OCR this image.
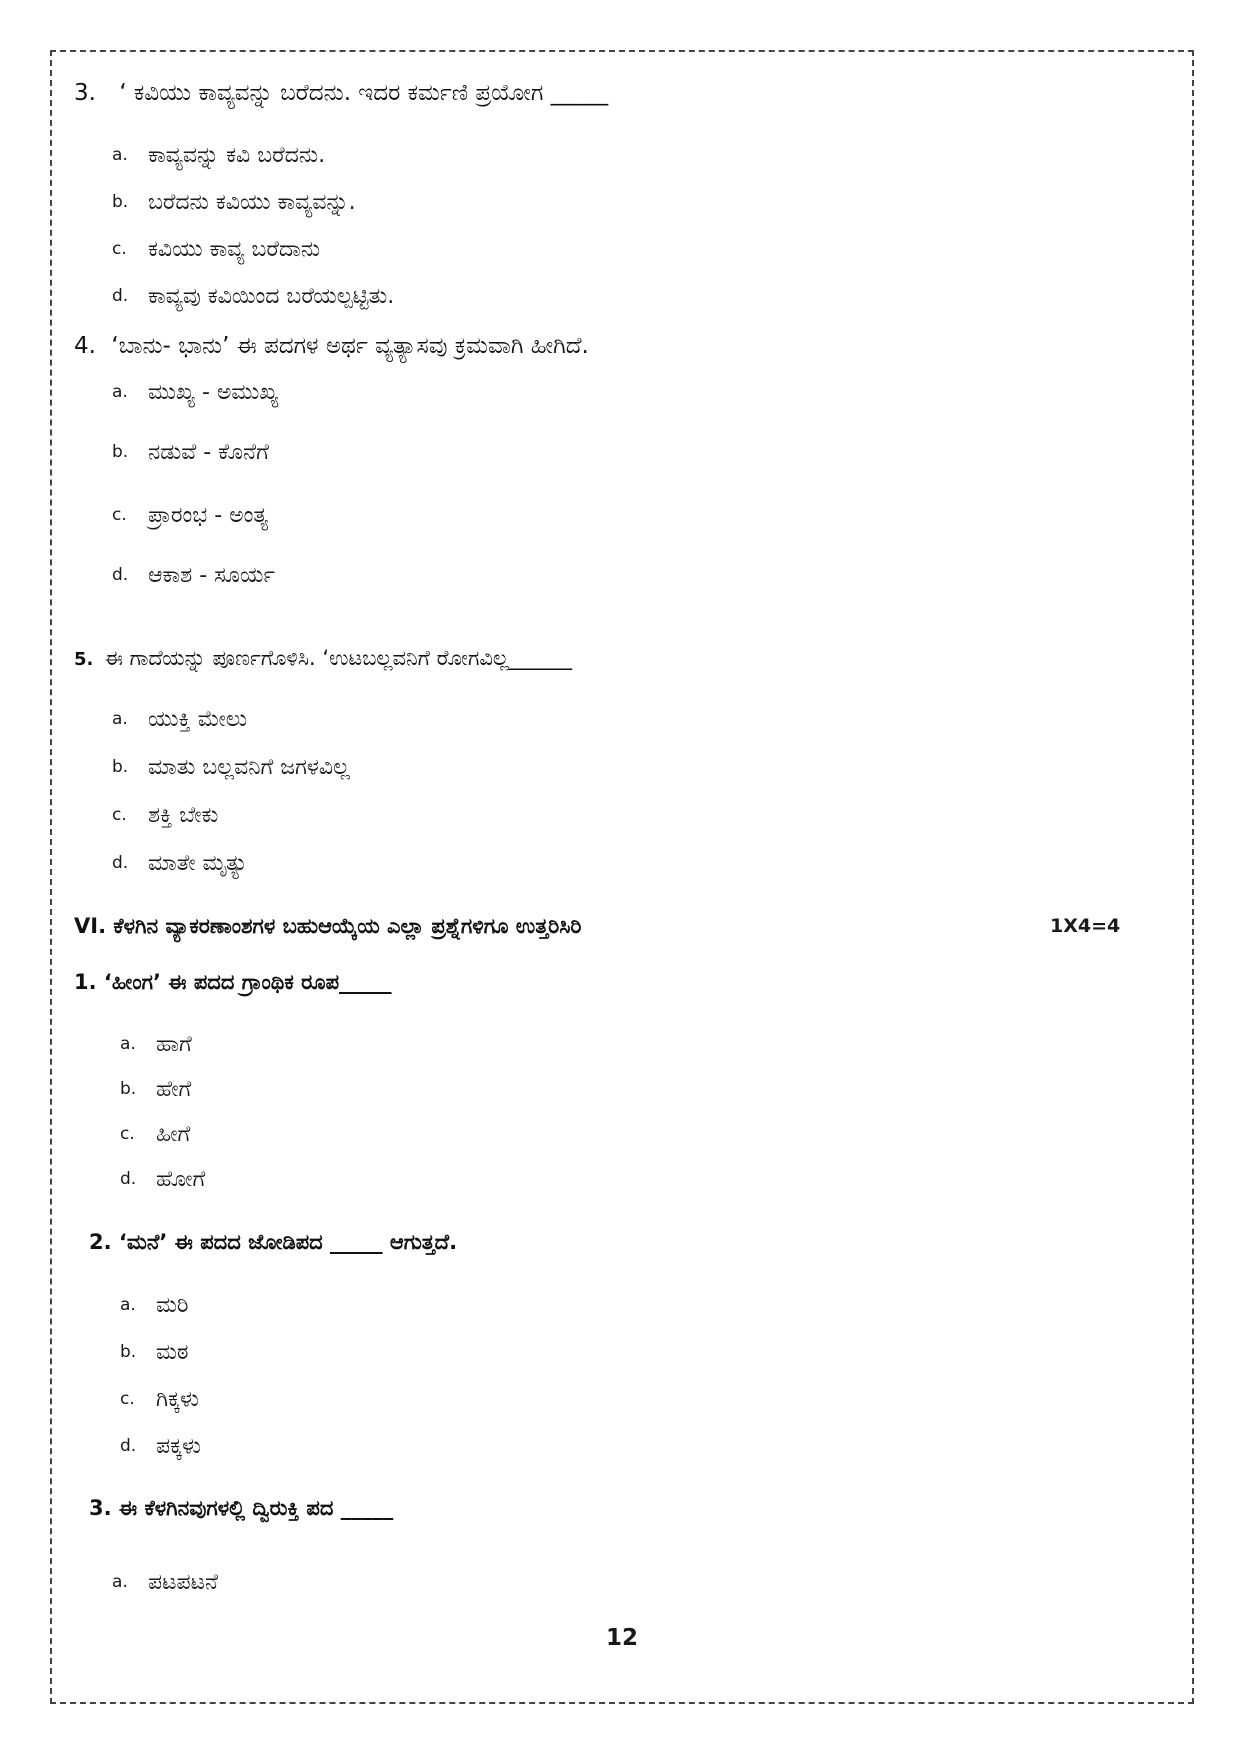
3. ‘ ಕವಿಯು ಕಾವ್ಯವನ್ನು ಬರೆದನು. ಇದರ ಕರ್ಮಣಿ ಪ್ರಯೋಗ _____
a. ಕಾವ್ಯವನ್ನು ಕವಿ ಬರೆದನು.
b. ಬರೆದನು ಕವಿಯು ಕಾವ್ಯವನ್ನು.
c. ಕವಿಯು ಕಾವ್ಯ ಬರೆದಾನು
d. ಕಾವ್ಯವು ಕವಿಯಿಂದ ಬರೆಯಲ್ಪಟ್ಟಿತು.
4. ‘ಬಾನು- ಭಾನು’ ಈ ಪದಗಳ ಅರ್ಥ ವ್ಯತ್ಯಾಸವು ಕ್ರಮವಾಗಿ ಹೀಗಿದೆ.
a. ಮುಖ್ಯ - ಅಮುಖ್ಯ
b. ನಡುವೆ - ಕೊನೆಗೆ
c. ಪ್ರಾರಂಭ - ಅಂತ್ಯ
d. ಆಕಾಶ - ಸೂರ್ಯ
5. ಈ ಗಾದೆಯನ್ನು ಪೂರ್ಣಗೊಳಿಸಿ. ‘ಉಟಬಲ್ಲವನಿಗೆ ರೋಗವಿಲ್ಲ______
a. ಯುಕ್ತಿ ಮೇಲು
b. ಮಾತು ಬಲ್ಲವನಿಗೆ ಜಗಳವಿಲ್ಲ
c. ಶಕ್ತಿ ಬೇಕು
d. ಮಾತೇ ಮೃತ್ಯು
VI. ಕೆಳಗಿನ ವ್ಯಾಕರಣಾಂಶಗಳ ಬಹುಆಯ್ಕೆಯ ಎಲ್ಲಾ ಪ್ರಶ್ನೆಗಳಿಗೂ ಉತ್ತರಿಸಿರಿ	1X4=4
1. ‘ಹೀಂಗ’ ಈ ಪದದ ಗ್ರಾಂಥಿಕ ರೂಪ_____
a. ಹಾಗೆ
b. ಹೇಗೆ
c. ಹೀಗೆ
d. ಹೋಗೆ
2. ‘ಮನೆ’ ಈ ಪದದ ಜೋಡಿಪದ _____ ಆಗುತ್ತದೆ.
a. ಮರಿ
b. ಮಠ
c. ಗಿಕ್ಕಳು
d. ಪಕ್ಕಳು
3. ಈ ಕೆಳಗಿನವುಗಳಲ್ಲಿ ದ್ವಿರುಕ್ತಿ ಪದ _____
a. ಪಟಪಟನೆ
12
